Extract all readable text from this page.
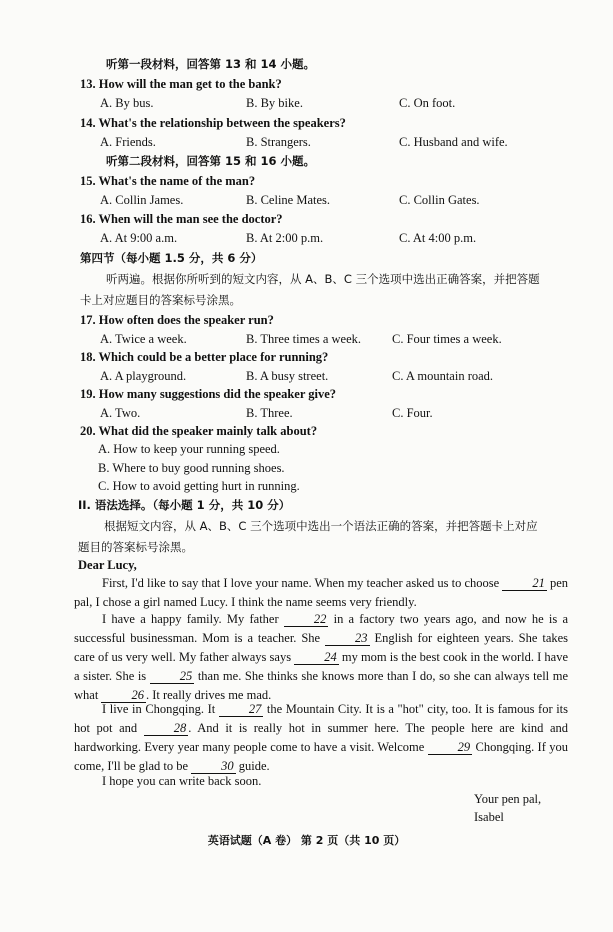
听第一段材料，回答第 13 和 14 小题。
13. How will the man get to the bank?
A. By bus.	B. By bike.	C. On foot.
14. What's the relationship between the speakers?
A. Friends.	B. Strangers.	C. Husband and wife.
听第二段材料，回答第 15 和 16 小题。
15. What's the name of the man?
A. Collin James.	B. Celine Mates.	C. Collin Gates.
16. When will the man see the doctor?
A. At 9:00 a.m.	B. At 2:00 p.m.	C. At 4:00 p.m.
第四节（每小题 1.5 分，共 6 分）
听两遍。根据你所听到的短文内容，从 A、B、C 三个选项中选出正确答案，并把答题
卡上对应题目的答案标号涂黑。
17. How often does the speaker run?
A. Twice a week.	B. Three times a week. C. Four times a week.
18. Which could be a better place for running?
A. A playground.	B. A busy street.	C. A mountain road.
19. How many suggestions did the speaker give?
A. Two.	B. Three.	C. Four.
20. What did the speaker mainly talk about?
A. How to keep your running speed.
B. Where to buy good running shoes.
C. How to avoid getting hurt in running.
II. 语法选择。（每小题 1 分，共 10 分）
根据短文内容，从 A、B、C 三个选项中选出一个语法正确的答案，并把答题卡上对应
题目的答案标号涂黑。
Dear Lucy,
First, I'd like to say that I love your name. When my teacher asked us to choose	21 pen pal, I chose a girl named Lucy. I think the name seems very friendly.
I have a happy family. My father	22 in a factory two years ago, and now he is a successful businessman. Mom is a teacher. She	23 English for eighteen years. She takes care of us very well. My father always says	24 my mom is the best cook in the world. I have a sister. She is	25 than me. She thinks she knows more than I do, so she can always tell me what	26 . It really drives me mad.
I live in Chongqing. It	27 the Mountain City. It is a "hot" city, too. It is famous for its hot pot and	28 . And it is really hot in summer here. The people here are kind and hardworking. Every year many people come to have a visit. Welcome	29 Chongqing. If you come, I'll be glad to be	30 guide.
I hope you can write back soon.
Your pen pal,
Isabel
英语试题（A 卷） 第 2 页（共 10 页）
